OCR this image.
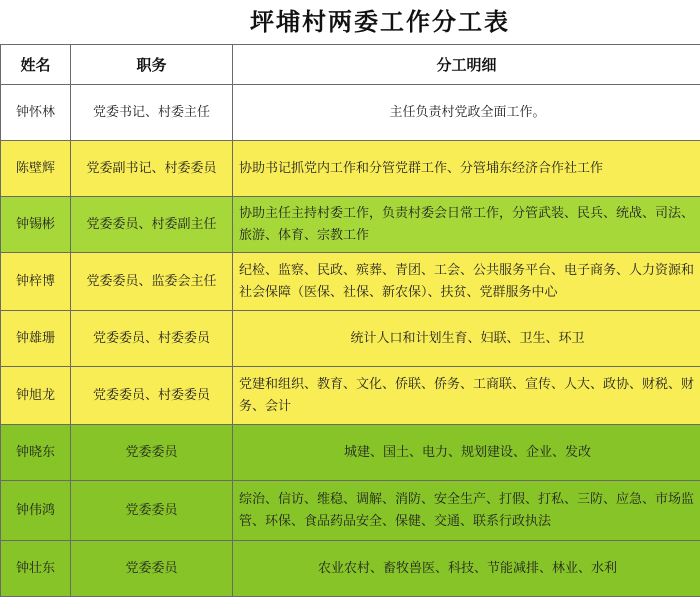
坪埔村两委工作分工表
姓名	职务	分工明细
钟怀林	党委书记、村委主任	主任负责村党政全面工作。
陈壁辉	党委副书记、村委委员	协助书记抓党内工作和分管党群工作、分管埔东经济合作社工作
钟锡彬	党委委员、村委副主任	协助主任主持村委工作，负责村委会日常工作，分管武装、民兵、统战、司法、旅游、体育、宗教工作
钟梓博	党委委员、监委会主任	纪检、监察、民政、殡葬、青团、工会、公共服务平台、电子商务、人力资源和社会保障（医保、社保、新农保）、扶贫、党群服务中心
钟雄珊	党委委员、村委委员	统计人口和计划生育、妇联、卫生、环卫
钟旭龙	党委委员、村委委员	党建和组织、教育、文化、侨联、侨务、工商联、宣传、人大、政协、财税、财务、会计
钟晓东	党委委员	城建、国土、电力、规划建设、企业、发改
钟伟鸿	党委委员	综治、信访、维稳、调解、消防、安全生产、打假、打私、三防、应急、市场监管、环保、食品药品安全、保健、交通、联系行政执法
钟壮东	党委委员	农业农村、畜牧兽医、科技、节能减排、林业、水利
